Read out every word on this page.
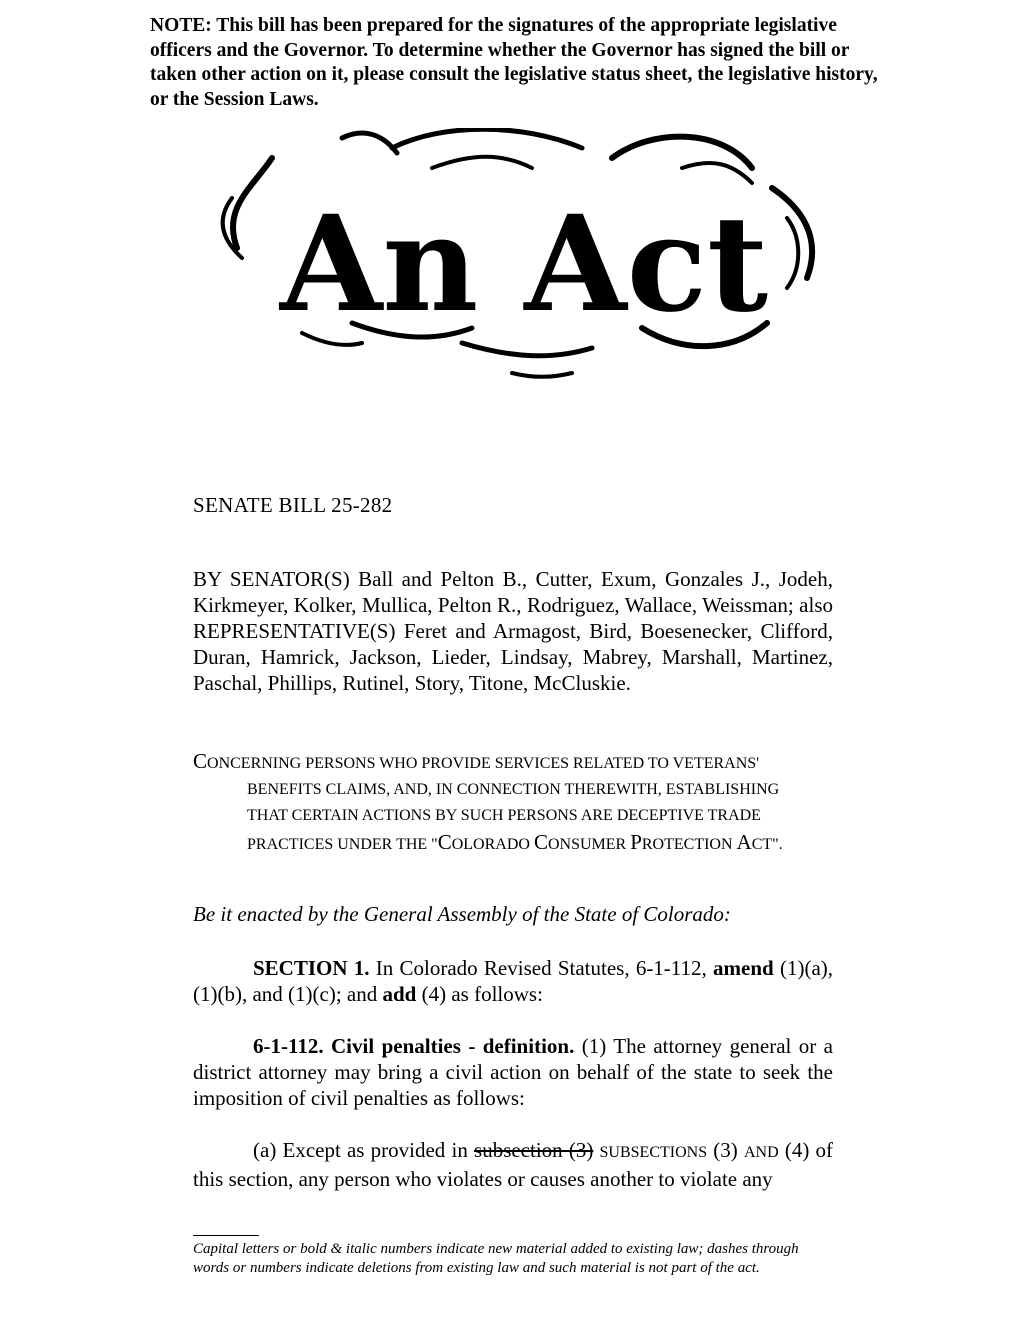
NOTE: This bill has been prepared for the signatures of the appropriate legislative officers and the Governor. To determine whether the Governor has signed the bill or taken other action on it, please consult the legislative status sheet, the legislative history, or the Session Laws.
An Act
SENATE BILL 25-282
BY SENATOR(S) Ball and Pelton B., Cutter, Exum, Gonzales J., Jodeh, Kirkmeyer, Kolker, Mullica, Pelton R., Rodriguez, Wallace, Weissman; also REPRESENTATIVE(S) Feret and Armagost, Bird, Boesenecker, Clifford, Duran, Hamrick, Jackson, Lieder, Lindsay, Mabrey, Marshall, Martinez, Paschal, Phillips, Rutinel, Story, Titone, McCluskie.
CONCERNING PERSONS WHO PROVIDE SERVICES RELATED TO VETERANS'
BENEFITS CLAIMS, AND, IN CONNECTION THEREWITH, ESTABLISHING
THAT CERTAIN ACTIONS BY SUCH PERSONS ARE DECEPTIVE TRADE
PRACTICES UNDER THE "COLORADO CONSUMER PROTECTION ACT".
Be it enacted by the General Assembly of the State of Colorado:
SECTION 1. In Colorado Revised Statutes, 6-1-112, amend (1)(a), (1)(b), and (1)(c); and add (4) as follows:
6-1-112. Civil penalties - definition. (1) The attorney general or a district attorney may bring a civil action on behalf of the state to seek the imposition of civil penalties as follows:
(a) Except as provided in subsection (3) SUBSECTIONS (3) AND (4) of this section, any person who violates or causes another to violate any
Capital letters or bold & italic numbers indicate new material added to existing law; dashes through words or numbers indicate deletions from existing law and such material is not part of the act.
